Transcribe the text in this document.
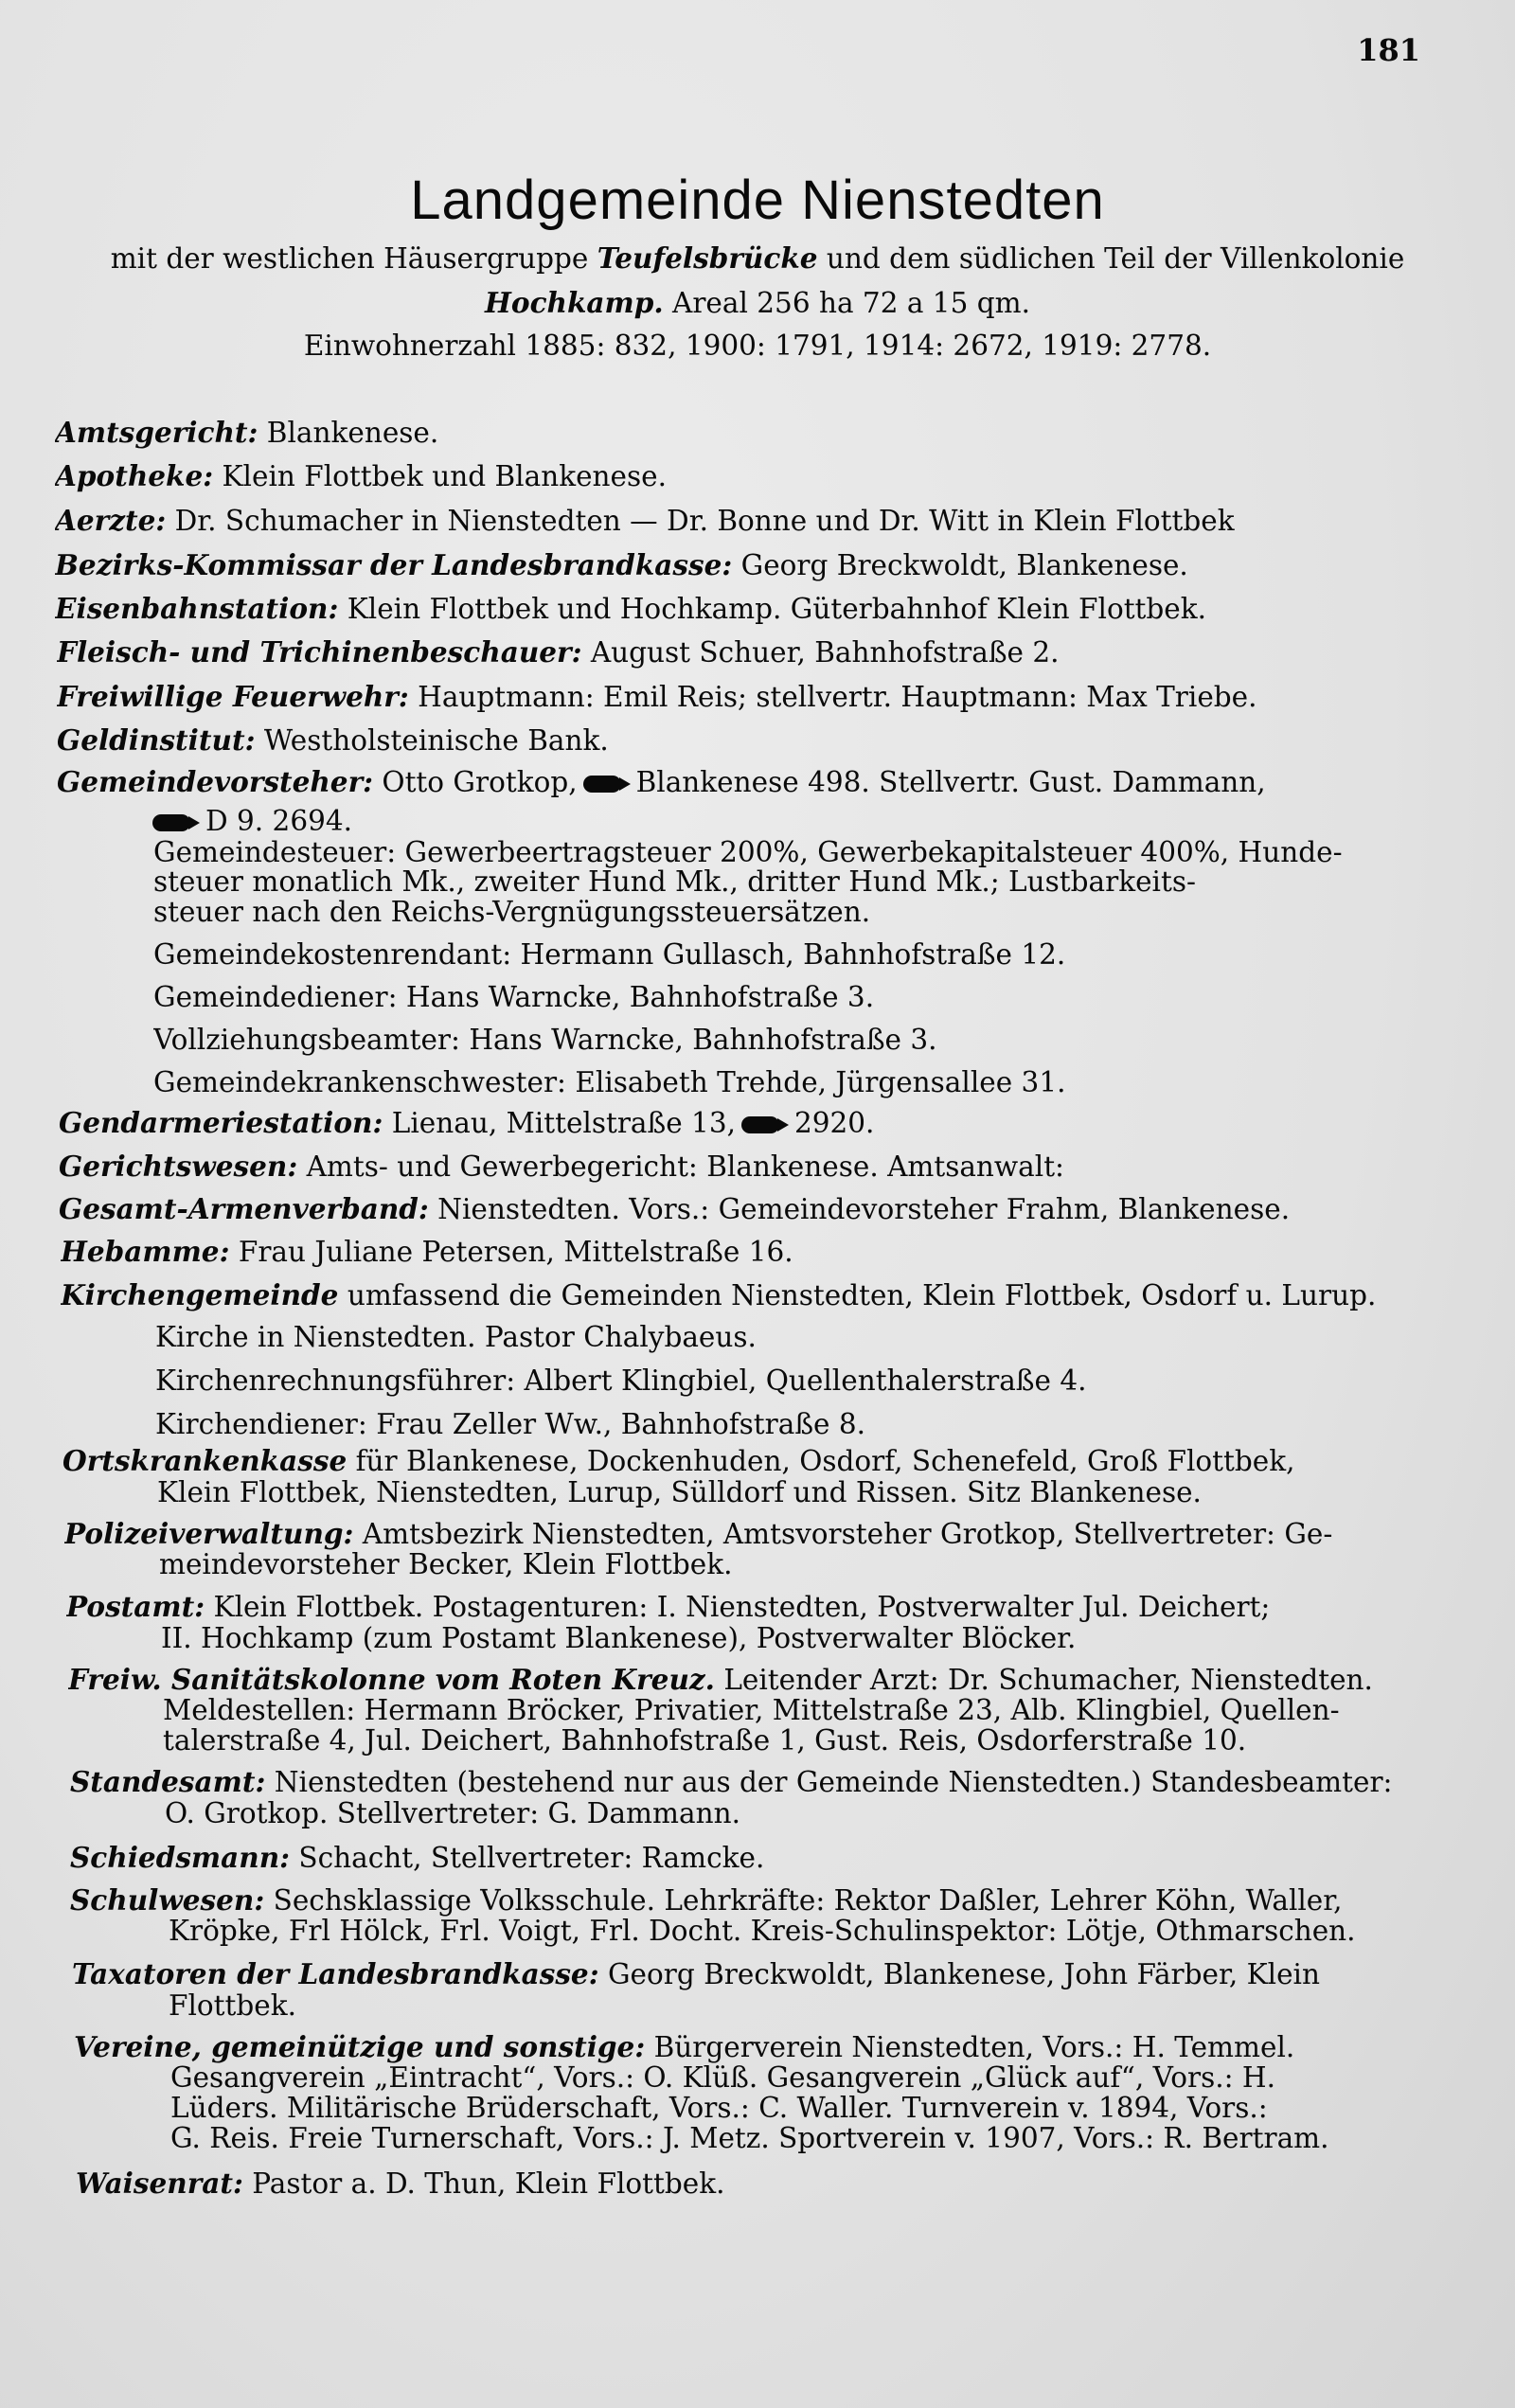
181
Landgemeinde Nienstedten
mit der westlichen Häusergruppe Teufelsbrücke und dem südlichen Teil der Villenkolonie
Hochkamp. Areal 256 ha 72 a 15 qm.
Einwohnerzahl 1885: 832, 1900: 1791, 1914: 2672, 1919: 2778.
Amtsgericht: Blankenese.
Apotheke: Klein Flottbek und Blankenese.
Aerzte: Dr. Schumacher in Nienstedten — Dr. Bonne und Dr. Witt in Klein Flottbek
Bezirks-Kommissar der Landesbrandkasse: Georg Breckwoldt, Blankenese.
Eisenbahnstation: Klein Flottbek und Hochkamp. Güterbahnhof Klein Flottbek.
Fleisch- und Trichinenbeschauer: August Schuer, Bahnhofstraße 2.
Freiwillige Feuerwehr: Hauptmann: Emil Reis; stellvertr. Hauptmann: Max Triebe.
Geldinstitut: Westholsteinische Bank.
Gemeindevorsteher: Otto Grotkop, Blankenese 498. Stellvertr. Gust. Dammann,
D 9. 2694.
Gemeindesteuer: Gewerbeertragsteuer 200%, Gewerbekapitalsteuer 400%, Hunde-
steuer monatlich Mk., zweiter Hund Mk., dritter Hund Mk.; Lustbarkeits-
steuer nach den Reichs-Vergnügungssteuersätzen.
Gemeindekostenrendant: Hermann Gullasch, Bahnhofstraße 12.
Gemeindediener: Hans Warncke, Bahnhofstraße 3.
Vollziehungsbeamter: Hans Warncke, Bahnhofstraße 3.
Gemeindekrankenschwester: Elisabeth Trehde, Jürgensallee 31.
Gendarmeriestation: Lienau, Mittelstraße 13, 2920.
Gerichtswesen: Amts- und Gewerbegericht: Blankenese. Amtsanwalt:
Gesamt-Armenverband: Nienstedten. Vors.: Gemeindevorsteher Frahm, Blankenese.
Hebamme: Frau Juliane Petersen, Mittelstraße 16.
Kirchengemeinde umfassend die Gemeinden Nienstedten, Klein Flottbek, Osdorf u. Lurup.
Kirche in Nienstedten. Pastor Chalybaeus.
Kirchenrechnungsführer: Albert Klingbiel, Quellenthalerstraße 4.
Kirchendiener: Frau Zeller Ww., Bahnhofstraße 8.
Ortskrankenkasse für Blankenese, Dockenhuden, Osdorf, Schenefeld, Groß Flottbek,
Klein Flottbek, Nienstedten, Lurup, Sülldorf und Rissen. Sitz Blankenese.
Polizeiverwaltung: Amtsbezirk Nienstedten, Amtsvorsteher Grotkop, Stellvertreter: Ge-
meindevorsteher Becker, Klein Flottbek.
Postamt: Klein Flottbek. Postagenturen: I. Nienstedten, Postverwalter Jul. Deichert;
II. Hochkamp (zum Postamt Blankenese), Postverwalter Blöcker.
Freiw. Sanitätskolonne vom Roten Kreuz. Leitender Arzt: Dr. Schumacher, Nienstedten.
Meldestellen: Hermann Bröcker, Privatier, Mittelstraße 23, Alb. Klingbiel, Quellen-
talerstraße 4, Jul. Deichert, Bahnhofstraße 1, Gust. Reis, Osdorferstraße 10.
Standesamt: Nienstedten (bestehend nur aus der Gemeinde Nienstedten.) Standesbeamter:
O. Grotkop. Stellvertreter: G. Dammann.
Schiedsmann: Schacht, Stellvertreter: Ramcke.
Schulwesen: Sechsklassige Volksschule. Lehrkräfte: Rektor Daßler, Lehrer Köhn, Waller,
Kröpke, Frl Hölck, Frl. Voigt, Frl. Docht. Kreis-Schulinspektor: Lötje, Othmarschen.
Taxatoren der Landesbrandkasse: Georg Breckwoldt, Blankenese, John Färber, Klein
Flottbek.
Vereine, gemeinützige und sonstige: Bürgerverein Nienstedten, Vors.: H. Temmel.
Gesangverein „Eintracht“, Vors.: O. Klüß. Gesangverein „Glück auf“, Vors.: H.
Lüders. Militärische Brüderschaft, Vors.: C. Waller. Turnverein v. 1894, Vors.:
G. Reis. Freie Turnerschaft, Vors.: J. Metz. Sportverein v. 1907, Vors.: R. Bertram.
Waisenrat: Pastor a. D. Thun, Klein Flottbek.
